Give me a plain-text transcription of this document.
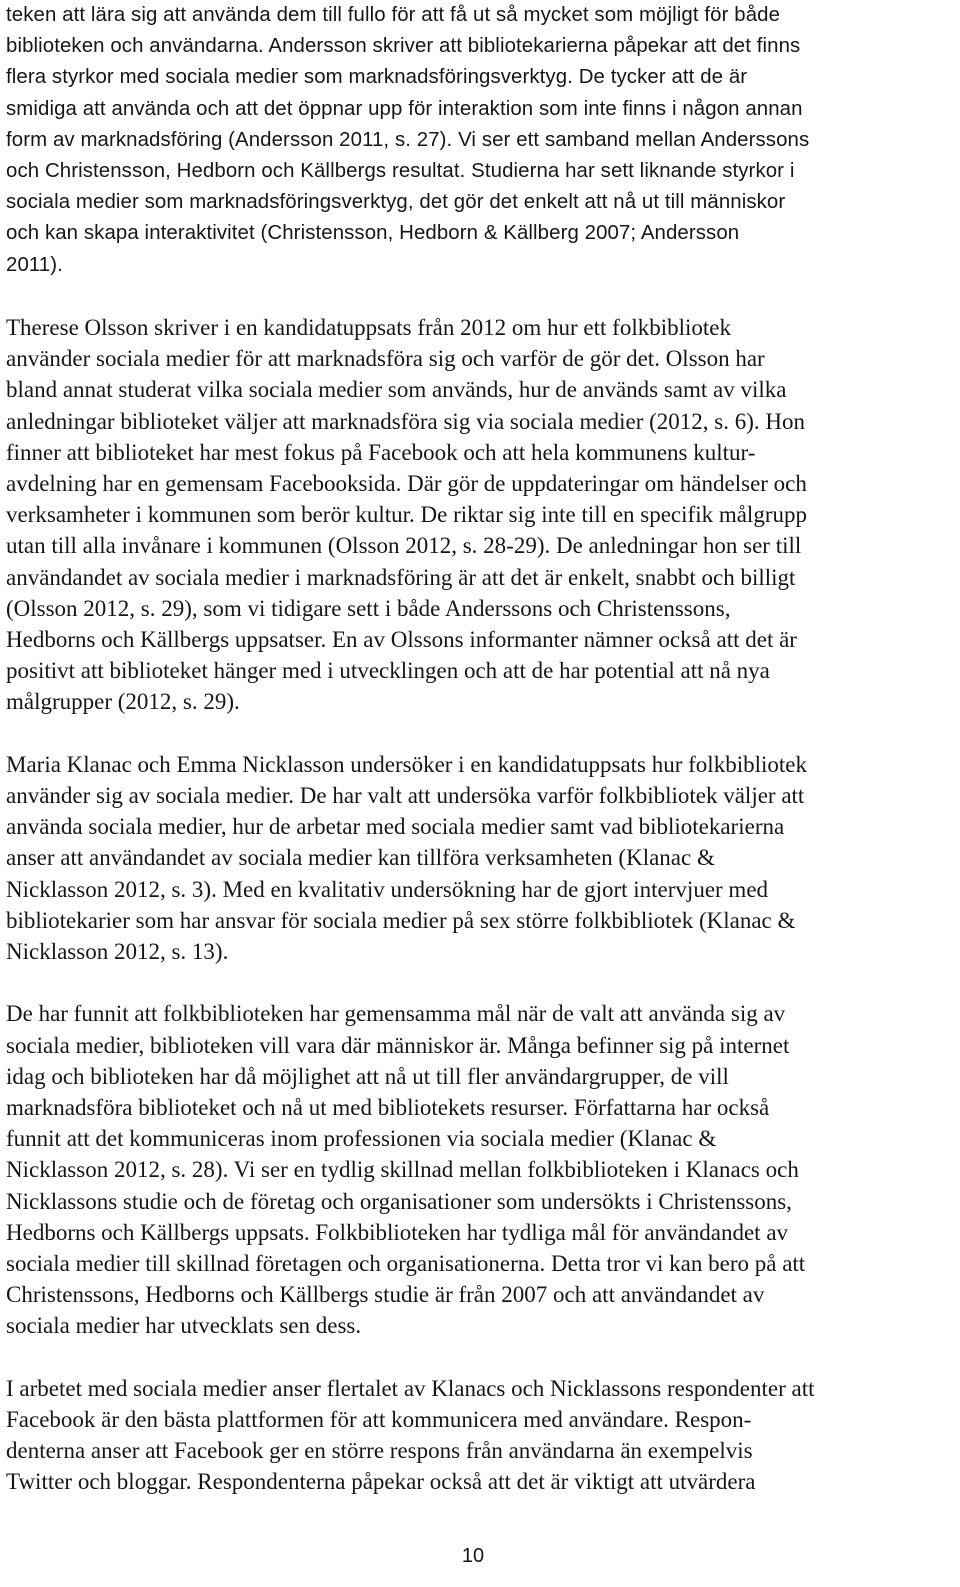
teken att lära sig att använda dem till fullo för att få ut så mycket som möjligt för både
biblioteken och användarna. Andersson skriver att bibliotekarierna påpekar att det finns
flera styrkor med sociala medier som marknadsföringsverktyg. De tycker att de är
smidiga att använda och att det öppnar upp för interaktion som inte finns i någon annan
form av marknadsföring (Andersson 2011, s. 27). Vi ser ett samband mellan Anderssons
och Christensson, Hedborn och Källbergs resultat. Studierna har sett liknande styrkor i
sociala medier som marknadsföringsverktyg, det gör det enkelt att nå ut till människor
och kan skapa interaktivitet (Christensson, Hedborn & Källberg 2007; Andersson
2011).

Therese Olsson skriver i en kandidatuppsats från 2012 om hur ett folkbibliotek
använder sociala medier för att marknadsföra sig och varför de gör det. Olsson har
bland annat studerat vilka sociala medier som används, hur de används samt av vilka
anledningar biblioteket väljer att marknadsföra sig via sociala medier (2012, s. 6). Hon
finner att biblioteket har mest fokus på Facebook och att hela kommunens kultur-
avdelning har en gemensam Facebooksida. Där gör de uppdateringar om händelser och
verksamheter i kommunen som berör kultur. De riktar sig inte till en specifik målgrupp
utan till alla invånare i kommunen (Olsson 2012, s. 28-29). De anledningar hon ser till
användandet av sociala medier i marknadsföring är att det är enkelt, snabbt och billigt
(Olsson 2012, s. 29), som vi tidigare sett i både Anderssons och Christenssons,
Hedborns och Källbergs uppsatser. En av Olssons informanter nämner också att det är
positivt att biblioteket hänger med i utvecklingen och att de har potential att nå nya
målgrupper (2012, s. 29).

Maria Klanac och Emma Nicklasson undersöker i en kandidatuppsats hur folkbibliotek
använder sig av sociala medier. De har valt att undersöka varför folkbibliotek väljer att
använda sociala medier, hur de arbetar med sociala medier samt vad bibliotekarierna
anser att användandet av sociala medier kan tillföra verksamheten (Klanac &
Nicklasson 2012, s. 3). Med en kvalitativ undersökning har de gjort intervjuer med
bibliotekarier som har ansvar för sociala medier på sex större folkbibliotek (Klanac &
Nicklasson 2012, s. 13).

De har funnit att folkbiblioteken har gemensamma mål när de valt att använda sig av
sociala medier, biblioteken vill vara där människor är. Många befinner sig på internet
idag och biblioteken har då möjlighet att nå ut till fler användargrupper, de vill
marknadsföra biblioteket och nå ut med bibliotekets resurser. Författarna har också
funnit att det kommuniceras inom professionen via sociala medier (Klanac &
Nicklasson 2012, s. 28). Vi ser en tydlig skillnad mellan folkbiblioteken i Klanacs och
Nicklassons studie och de företag och organisationer som undersökts i Christenssons,
Hedborns och Källbergs uppsats. Folkbiblioteken har tydliga mål för användandet av
sociala medier till skillnad företagen och organisationerna. Detta tror vi kan bero på att
Christenssons, Hedborns och Källbergs studie är från 2007 och att användandet av
sociala medier har utvecklats sen dess.

I arbetet med sociala medier anser flertalet av Klanacs och Nicklassons respondenter att
Facebook är den bästa plattformen för att kommunicera med användare. Respon-
denterna anser att Facebook ger en större respons från användarna än exempelvis
Twitter och bloggar. Respondenterna påpekar också att det är viktigt att utvärdera

10
